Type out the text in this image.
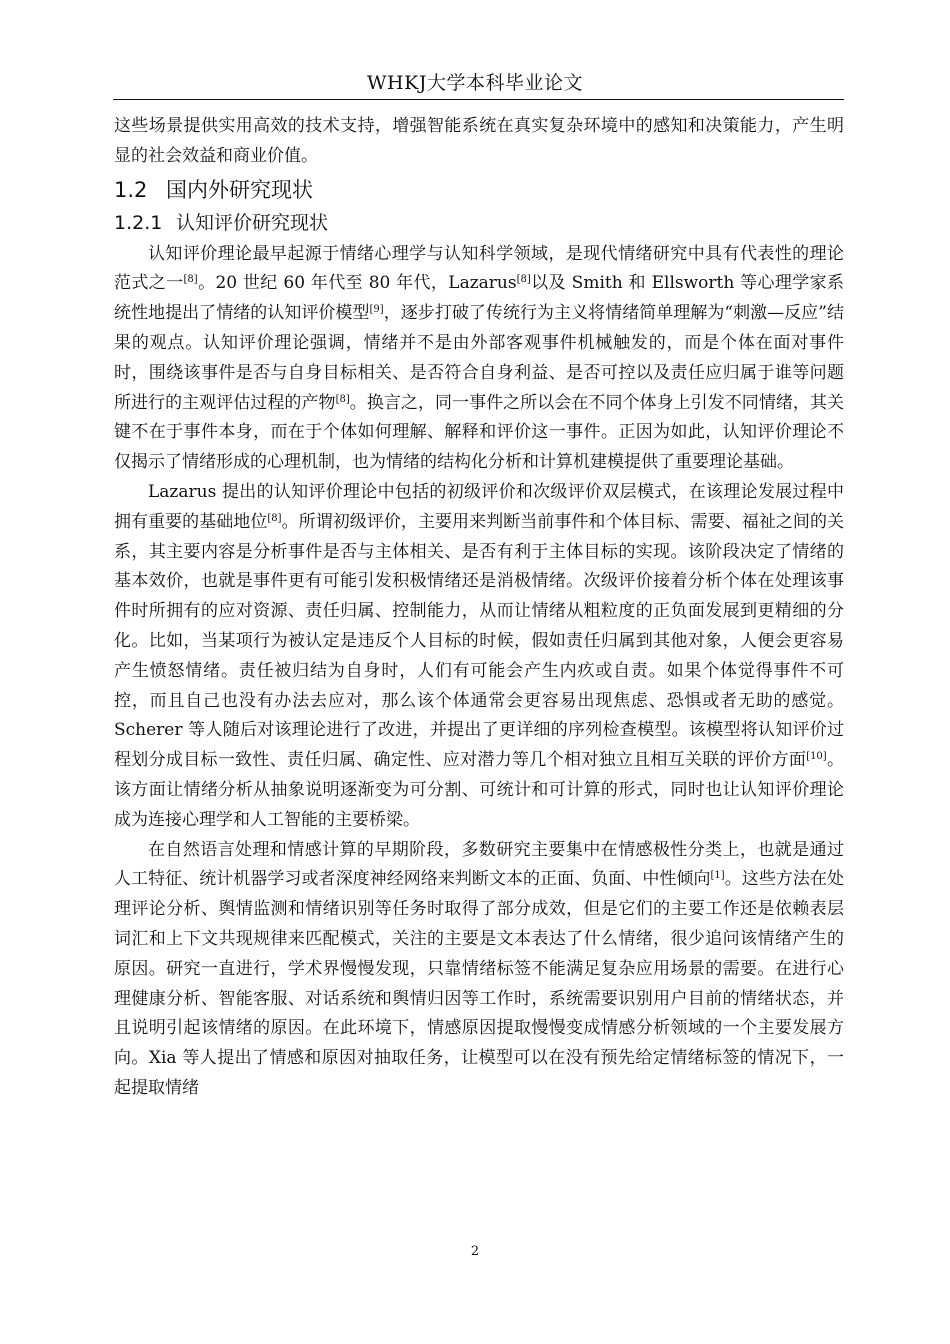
WHKJ大学本科毕业论文

这些场景提供实用高效的技术支持，增强智能系统在真实复杂环境中的感知和决策能力，产生明显的社会效益和商业价值。

1.2 国内外研究现状
1.2.1 认知评价研究现状

认知评价理论最早起源于情绪心理学与认知科学领域，是现代情绪研究中具有代表性的理论范式之一[8]。20 世纪 60 年代至 80 年代，Lazarus[8]以及 Smith 和 Ellsworth 等心理学家系统性地提出了情绪的认知评价模型[9]，逐步打破了传统行为主义将情绪简单理解为“刺激—反应”结果的观点。认知评价理论强调，情绪并不是由外部客观事件机械触发的，而是个体在面对事件时，围绕该事件是否与自身目标相关、是否符合自身利益、是否可控以及责任应归属于谁等问题所进行的主观评估过程的产物[8]。换言之，同一事件之所以会在不同个体身上引发不同情绪，其关键不在于事件本身，而在于个体如何理解、解释和评价这一事件。正因为如此，认知评价理论不仅揭示了情绪形成的心理机制，也为情绪的结构化分析和计算机建模提供了重要理论基础。

Lazarus 提出的认知评价理论中包括的初级评价和次级评价双层模式，在该理论发展过程中拥有重要的基础地位[8]。所谓初级评价，主要用来判断当前事件和个体目标、需要、福祉之间的关系，其主要内容是分析事件是否与主体相关、是否有利于主体目标的实现。该阶段决定了情绪的基本效价，也就是事件更有可能引发积极情绪还是消极情绪。次级评价接着分析个体在处理该事件时所拥有的应对资源、责任归属、控制能力，从而让情绪从粗粒度的正负面发展到更精细的分化。比如，当某项行为被认定是违反个人目标的时候，假如责任归属到其他对象，人便会更容易产生愤怒情绪。责任被归结为自身时，人们有可能会产生内疚或自责。如果个体觉得事件不可控，而且自己也没有办法去应对，那么该个体通常会更容易出现焦虑、恐惧或者无助的感觉。Scherer 等人随后对该理论进行了改进，并提出了更详细的序列检查模型。该模型将认知评价过程划分成目标一致性、责任归属、确定性、应对潜力等几个相对独立且相互关联的评价方面[10]。该方面让情绪分析从抽象说明逐渐变为可分割、可统计和可计算的形式，同时也让认知评价理论成为连接心理学和人工智能的主要桥梁。

在自然语言处理和情感计算的早期阶段，多数研究主要集中在情感极性分类上，也就是通过人工特征、统计机器学习或者深度神经网络来判断文本的正面、负面、中性倾向[1]。这些方法在处理评论分析、舆情监测和情绪识别等任务时取得了部分成效，但是它们的主要工作还是依赖表层词汇和上下文共现规律来匹配模式，关注的主要是文本表达了什么情绪，很少追问该情绪产生的原因。研究一直进行，学术界慢慢发现，只靠情绪标签不能满足复杂应用场景的需要。在进行心理健康分析、智能客服、对话系统和舆情归因等工作时，系统需要识别用户目前的情绪状态，并且说明引起该情绪的原因。在此环境下，情感原因提取慢慢变成情感分析领域的一个主要发展方向。Xia 等人提出了情感和原因对抽取任务，让模型可以在没有预先给定情绪标签的情况下，一起提取情绪

2
